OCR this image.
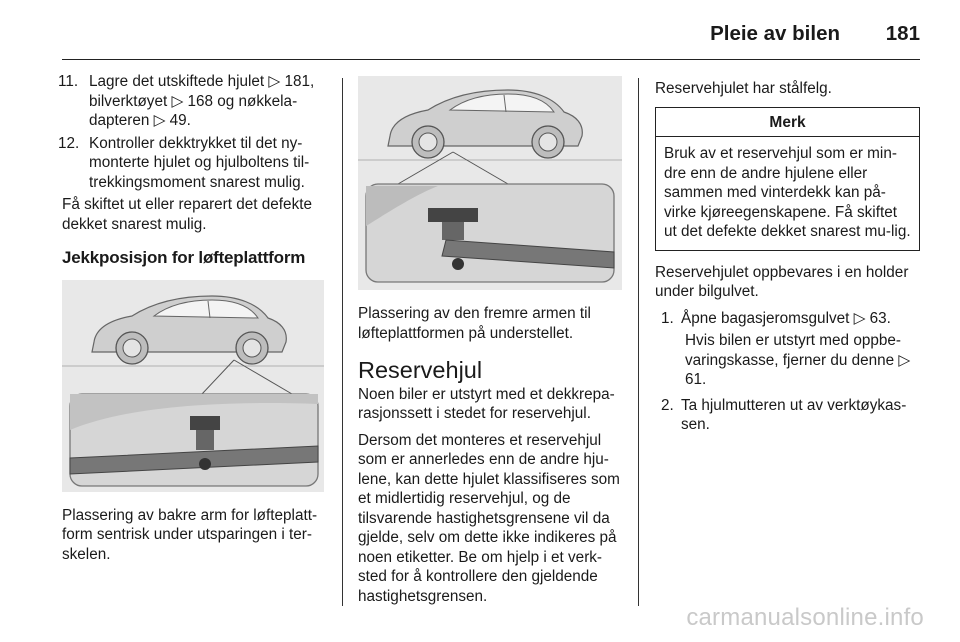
Pleie av bilen 181
11. Lagre det utskiftede hjulet ▷ 181, bilverktøyet ▷ 168 og nøkkela-dapteren ▷ 49.
12. Kontroller dekktrykket til det ny-monterte hjulet og hjulboltens til-trekkingsmoment snarest mulig.

Få skiftet ut eller reparert det defekte dekket snarest mulig.

Jekkposisjon for løfteplattform

Plassering av bakre arm for løfteplatt-form sentrisk under utsparingen i ter-skelen.

Plassering av den fremre armen til løfteplattformen på understellet.

Reservehjul

Noen biler er utstyrt med et dekkrepa-rasjonssett i stedet for reservehjul.

Dersom det monteres et reservehjul som er annerledes enn de andre hju-lene, kan dette hjulet klassifiseres som et midlertidig reservehjul, og de tilsvarende hastighetsgrensene vil da gjelde, selv om dette ikke indikeres på noen etiketter. Be om hjelp i et verk-sted for å kontrollere den gjeldende hastighetsgrensen.

Reservehjulet har stålfelg.

Merk
Bruk av et reservehjul som er min-dre enn de andre hjulene eller sammen med vinterdekk kan på-virke kjøreegenskapene. Få skiftet ut det defekte dekket snarest mu-lig.

Reservehjulet oppbevares i en holder under bilgulvet.

1. Åpne bagasjeromsgulvet ▷ 63.
Hvis bilen er utstyrt med oppbe-varingskasse, fjerner du denne ▷ 61.
2. Ta hjulmutteren ut av verktøykas-sen.
carmanualsonline.info
